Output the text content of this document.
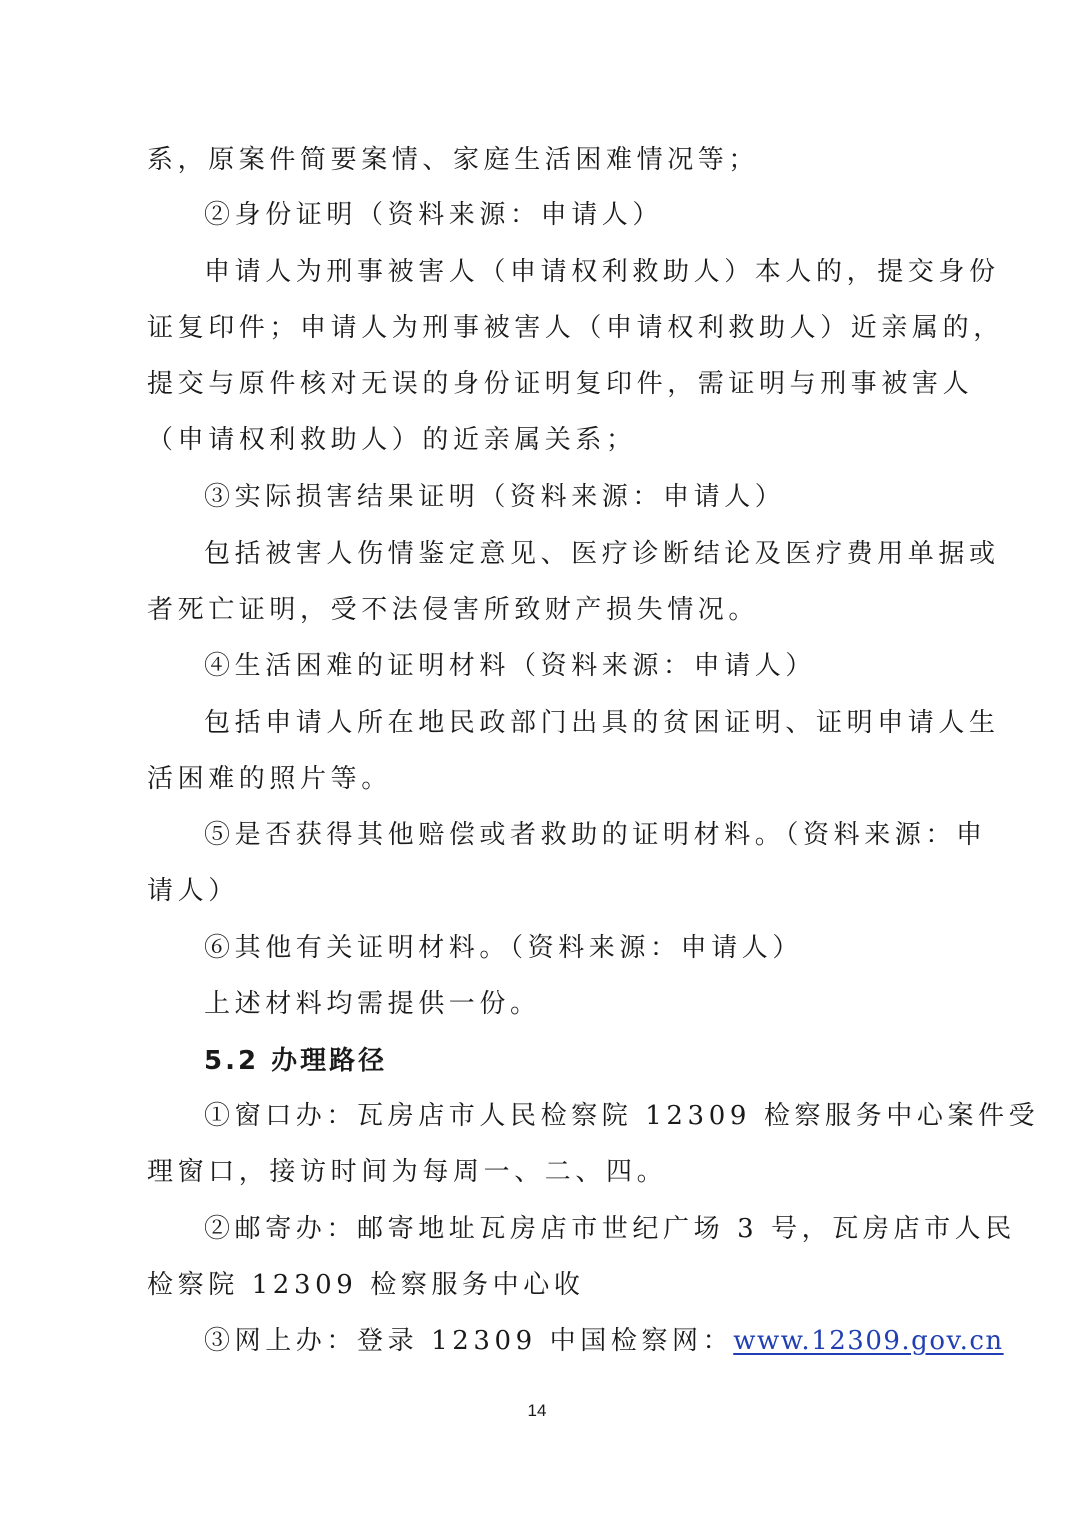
系，原案件简要案情、家庭生活困难情况等；
②身份证明（资料来源：申请人）
申请人为刑事被害人（申请权利救助人）本人的，提交身份
证复印件；申请人为刑事被害人（申请权利救助人）近亲属的，
提交与原件核对无误的身份证明复印件，需证明与刑事被害人
（申请权利救助人）的近亲属关系；
③实际损害结果证明（资料来源：申请人）
包括被害人伤情鉴定意见、医疗诊断结论及医疗费用单据或
者死亡证明，受不法侵害所致财产损失情况。
④生活困难的证明材料（资料来源：申请人）
包括申请人所在地民政部门出具的贫困证明、证明申请人生
活困难的照片等。
⑤是否获得其他赔偿或者救助的证明材料。（资料来源：申
请人）
⑥其他有关证明材料。（资料来源：申请人）
上述材料均需提供一份。
5.2 办理路径
①窗口办：瓦房店市人民检察院 12309 检察服务中心案件受
理窗口，接访时间为每周一、二、四。
②邮寄办：邮寄地址瓦房店市世纪广场 3 号，瓦房店市人民
检察院 12309 检察服务中心收
③网上办：登录 12309 中国检察网：www.12309.gov.cn
14
